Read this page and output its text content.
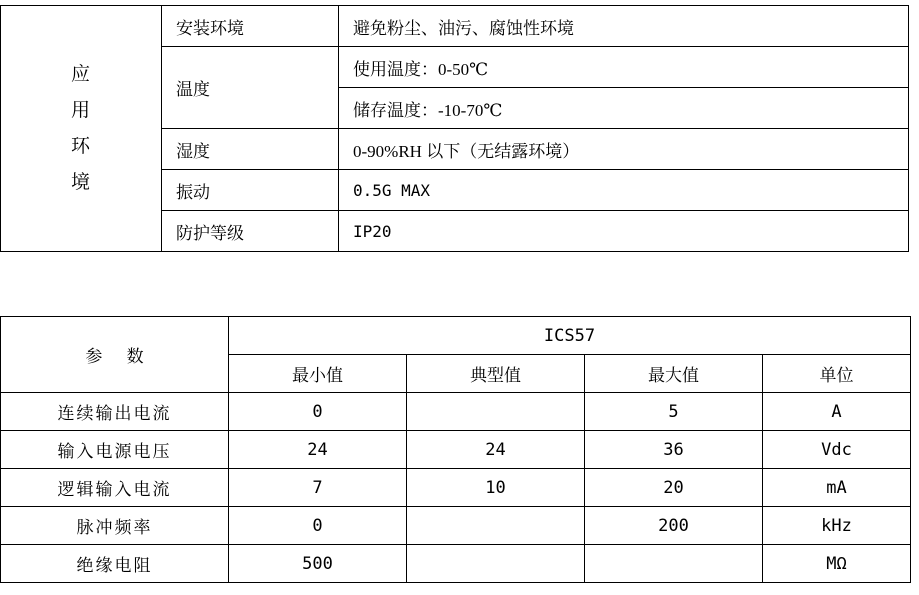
应
用
环
境	安装环境	避免粉尘、油污、腐蚀性环境
	温度	使用温度：0-50℃
		储存温度：-10-70℃
	湿度	0-90%RH 以下（无结露环境）
	振动	0.5G MAX
	防护等级	IP20
参 数	ICS57			
	最小值	典型值	最大值	单位
连续输出电流	0		5	A
输入电源电压	24	24	36	Vdc
逻辑输入电流	7	10	20	mA
脉冲频率	0		200	kHz
绝缘电阻	500			MΩ
